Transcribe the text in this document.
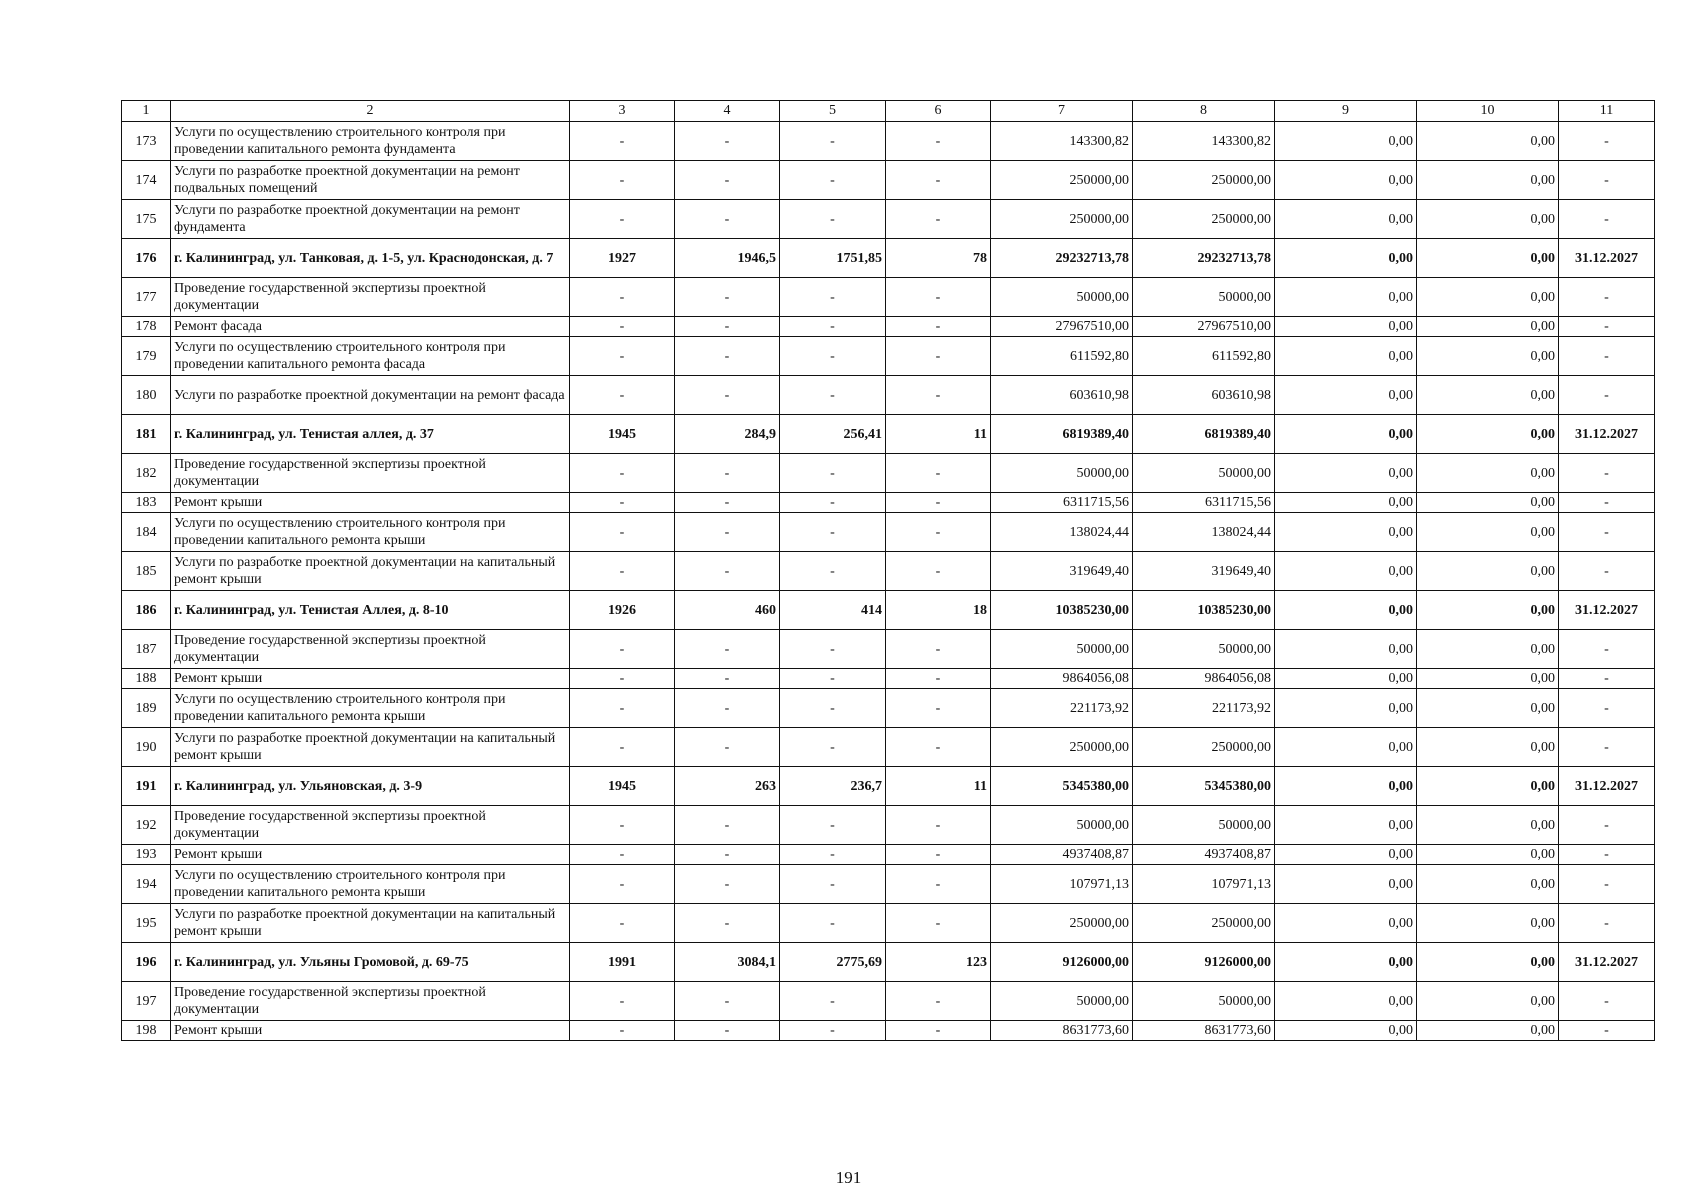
1	2	3	4	5	6	7	8	9	10	11
173	Услуги по осуществлению строительного контроля при проведении капитального ремонта фундамента	-	-	-	-	143300,82	143300,82	0,00	0,00	-
174	Услуги по разработке проектной документации на ремонт подвальных помещений	-	-	-	-	250000,00	250000,00	0,00	0,00	-
175	Услуги по разработке проектной документации на ремонт фундамента	-	-	-	-	250000,00	250000,00	0,00	0,00	-
176	г. Калининград, ул. Танковая, д. 1-5, ул. Краснодонская, д. 7	1927	1946,5	1751,85	78	29232713,78	29232713,78	0,00	0,00	31.12.2027
177	Проведение государственной экспертизы проектной документации	-	-	-	-	50000,00	50000,00	0,00	0,00	-
178	Ремонт фасада	-	-	-	-	27967510,00	27967510,00	0,00	0,00	-
179	Услуги по осуществлению строительного контроля при проведении капитального ремонта фасада	-	-	-	-	611592,80	611592,80	0,00	0,00	-
180	Услуги по разработке проектной документации на ремонт фасада	-	-	-	-	603610,98	603610,98	0,00	0,00	-
181	г. Калининград, ул. Тенистая аллея, д. 37	1945	284,9	256,41	11	6819389,40	6819389,40	0,00	0,00	31.12.2027
182	Проведение государственной экспертизы проектной документации	-	-	-	-	50000,00	50000,00	0,00	0,00	-
183	Ремонт крыши	-	-	-	-	6311715,56	6311715,56	0,00	0,00	-
184	Услуги по осуществлению строительного контроля при проведении капитального ремонта крыши	-	-	-	-	138024,44	138024,44	0,00	0,00	-
185	Услуги по разработке проектной документации на капитальный ремонт крыши	-	-	-	-	319649,40	319649,40	0,00	0,00	-
186	г. Калининград, ул. Тенистая Аллея, д. 8-10	1926	460	414	18	10385230,00	10385230,00	0,00	0,00	31.12.2027
187	Проведение государственной экспертизы проектной документации	-	-	-	-	50000,00	50000,00	0,00	0,00	-
188	Ремонт крыши	-	-	-	-	9864056,08	9864056,08	0,00	0,00	-
189	Услуги по осуществлению строительного контроля при проведении капитального ремонта крыши	-	-	-	-	221173,92	221173,92	0,00	0,00	-
190	Услуги по разработке проектной документации на капитальный ремонт крыши	-	-	-	-	250000,00	250000,00	0,00	0,00	-
191	г. Калининград, ул. Ульяновская, д. 3-9	1945	263	236,7	11	5345380,00	5345380,00	0,00	0,00	31.12.2027
192	Проведение государственной экспертизы проектной документации	-	-	-	-	50000,00	50000,00	0,00	0,00	-
193	Ремонт крыши	-	-	-	-	4937408,87	4937408,87	0,00	0,00	-
194	Услуги по осуществлению строительного контроля при проведении капитального ремонта крыши	-	-	-	-	107971,13	107971,13	0,00	0,00	-
195	Услуги по разработке проектной документации на капитальный ремонт крыши	-	-	-	-	250000,00	250000,00	0,00	0,00	-
196	г. Калининград, ул. Ульяны Громовой, д. 69-75	1991	3084,1	2775,69	123	9126000,00	9126000,00	0,00	0,00	31.12.2027
197	Проведение государственной экспертизы проектной документации	-	-	-	-	50000,00	50000,00	0,00	0,00	-
198	Ремонт крыши	-	-	-	-	8631773,60	8631773,60	0,00	0,00	-
191
